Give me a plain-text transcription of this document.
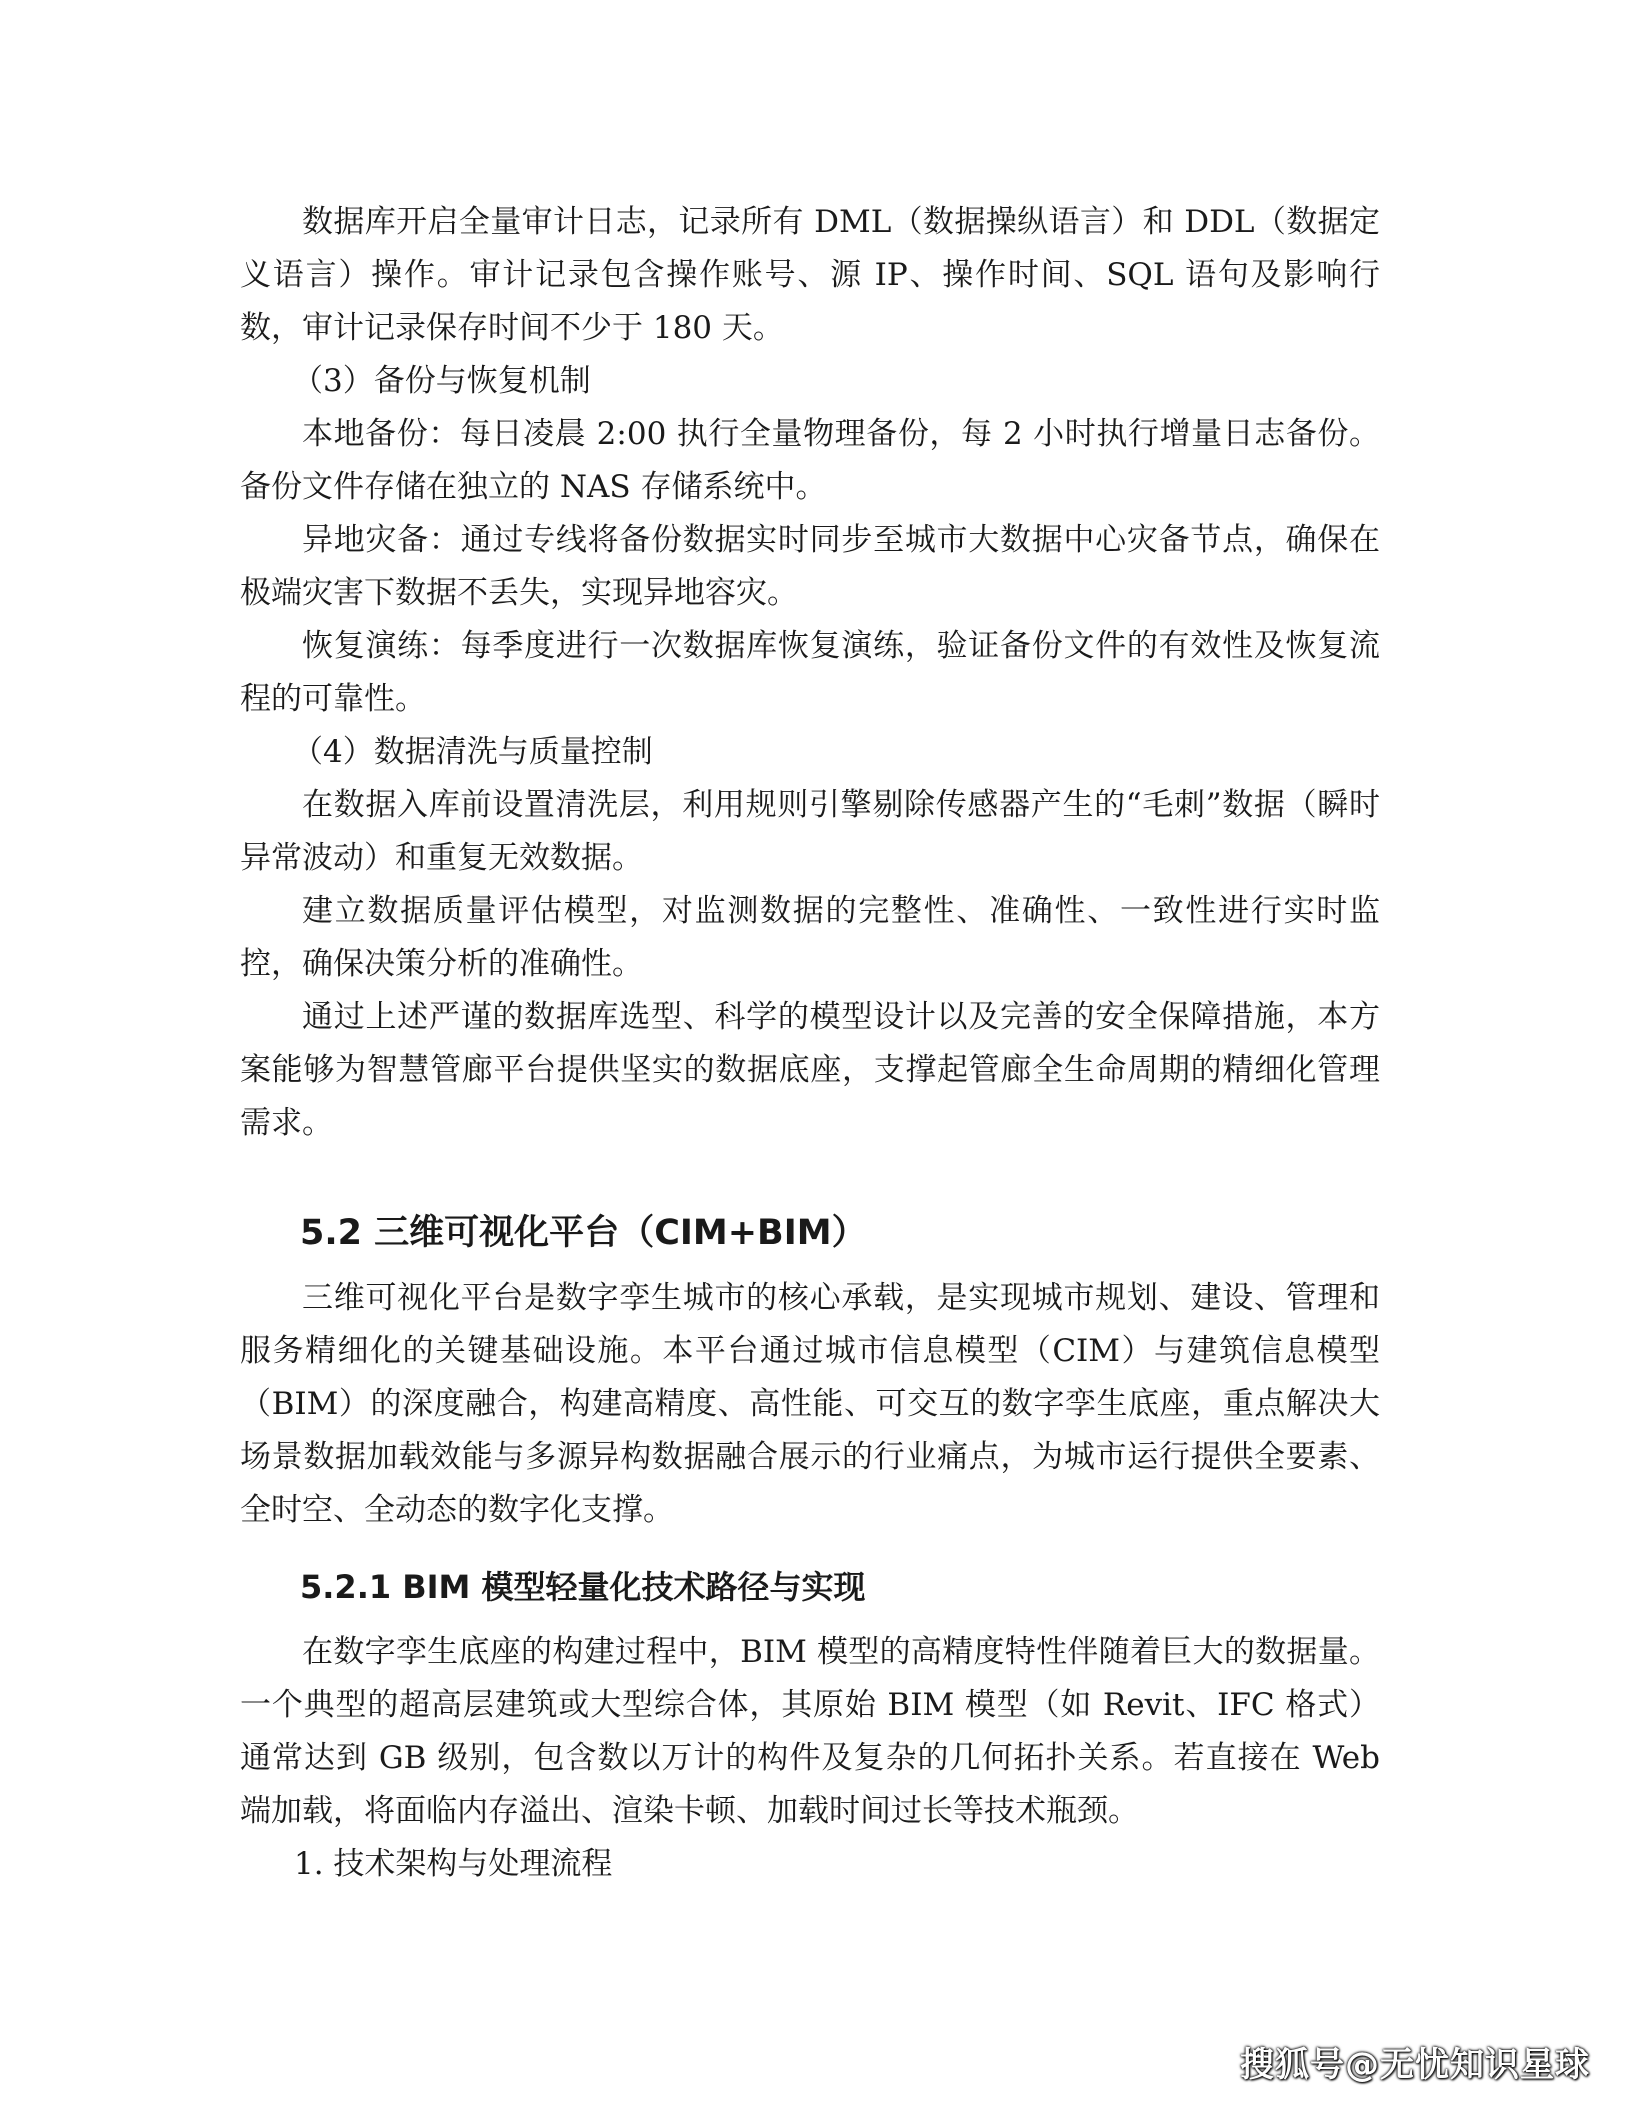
数据库开启全量审计日志，记录所有 DML（数据操纵语言）和 DDL（数据定义语言）操作。审计记录包含操作账号、源 IP、操作时间、SQL 语句及影响行数，审计记录保存时间不少于 180 天。

（3）备份与恢复机制

本地备份：每日凌晨 2:00 执行全量物理备份，每 2 小时执行增量日志备份。备份文件存储在独立的 NAS 存储系统中。

异地灾备：通过专线将备份数据实时同步至城市大数据中心灾备节点，确保在极端灾害下数据不丢失，实现异地容灾。

恢复演练：每季度进行一次数据库恢复演练，验证备份文件的有效性及恢复流程的可靠性。

（4）数据清洗与质量控制

在数据入库前设置清洗层，利用规则引擎剔除传感器产生的“毛刺”数据（瞬时异常波动）和重复无效数据。

建立数据质量评估模型，对监测数据的完整性、准确性、一致性进行实时监控，确保决策分析的准确性。

通过上述严谨的数据库选型、科学的模型设计以及完善的安全保障措施，本方案能够为智慧管廊平台提供坚实的数据底座，支撑起管廊全生命周期的精细化管理需求。

5.2 三维可视化平台（CIM+BIM）

三维可视化平台是数字孪生城市的核心承载，是实现城市规划、建设、管理和服务精细化的关键基础设施。本平台通过城市信息模型（CIM）与建筑信息模型（BIM）的深度融合，构建高精度、高性能、可交互的数字孪生底座，重点解决大场景数据加载效能与多源异构数据融合展示的行业痛点，为城市运行提供全要素、全时空、全动态的数字化支撑。

5.2.1 BIM 模型轻量化技术路径与实现

在数字孪生底座的构建过程中，BIM 模型的高精度特性伴随着巨大的数据量。一个典型的超高层建筑或大型综合体，其原始 BIM 模型（如 Revit、IFC 格式）通常达到 GB 级别，包含数以万计的构件及复杂的几何拓扑关系。若直接在 Web 端加载，将面临内存溢出、渲染卡顿、加载时间过长等技术瓶颈。

1. 技术架构与处理流程

搜狐号@无忧知识星球
